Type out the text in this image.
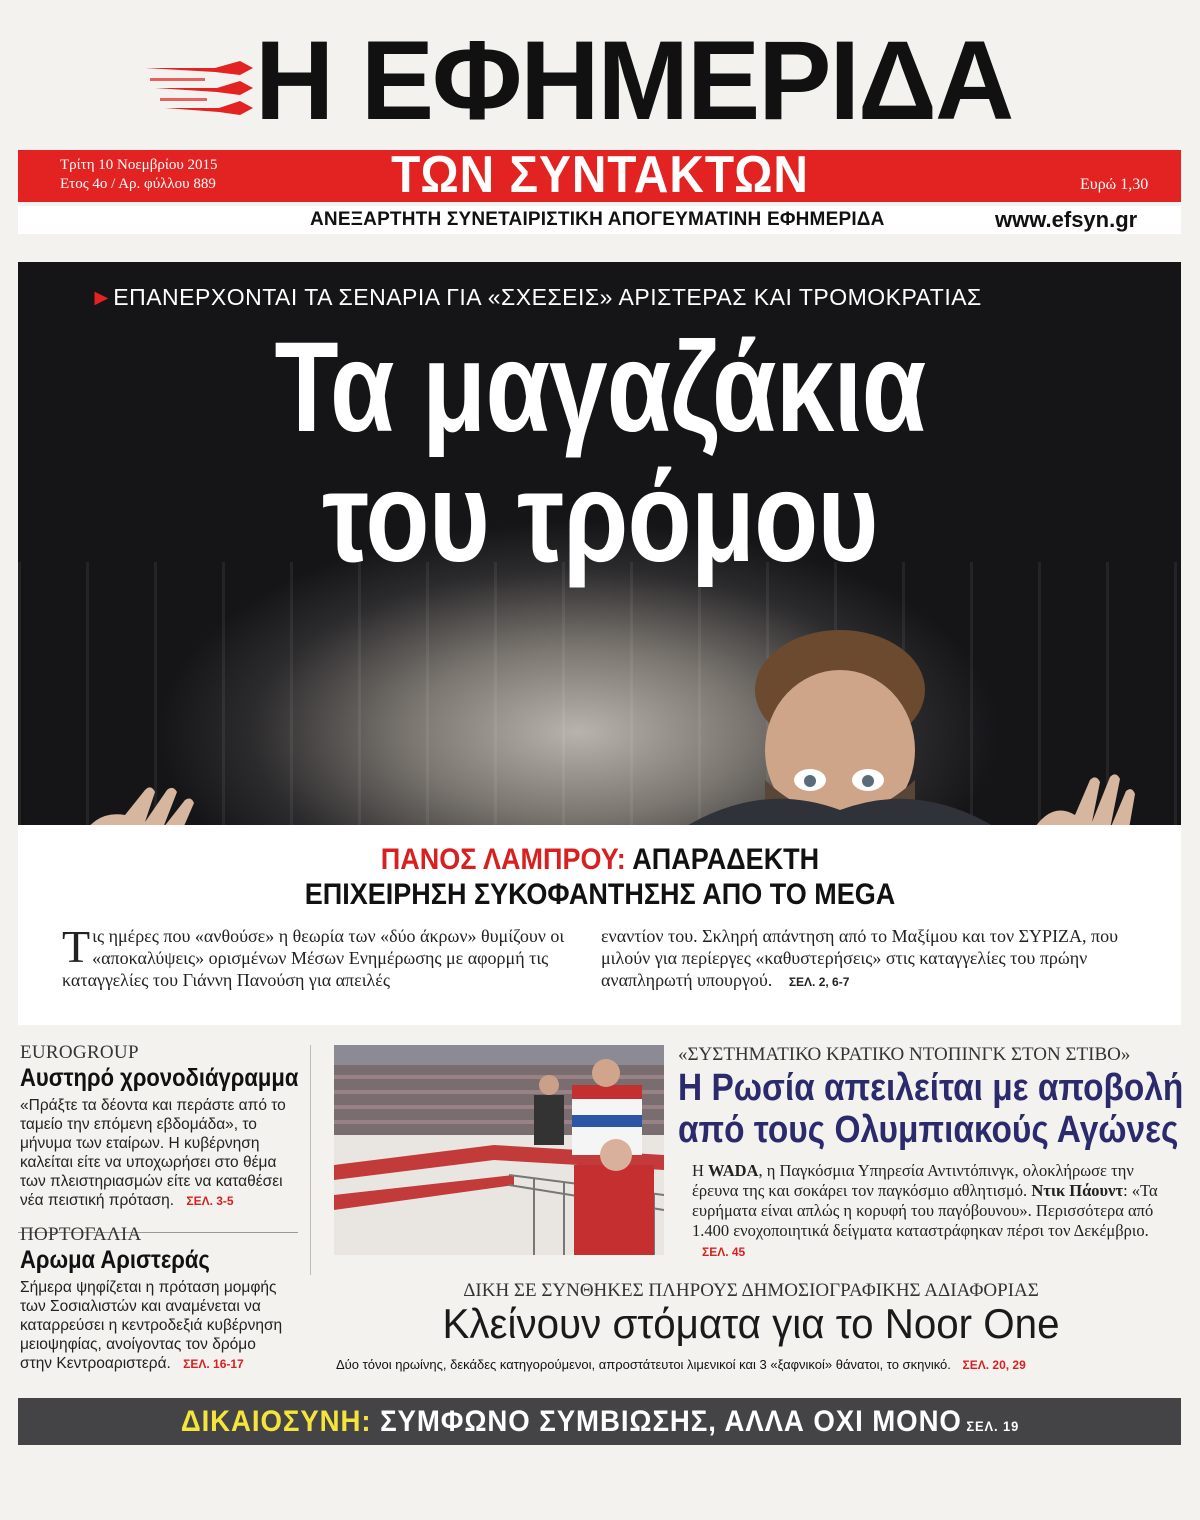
Η ΕΦΗΜΕΡΙΔΑ
Τρίτη 10 Νοεμβρίου 2015
Ετος 4ο / Αρ. φύλλου 889	ΤΩΝ ΣΥΝΤΑΚΤΩΝ	Ευρώ 1,30
ΑΝΕΞΑΡΤΗΤΗ ΣΥΝΕΤΑΙΡΙΣΤΙΚΗ ΑΠΟΓΕΥΜΑΤΙΝΗ ΕΦΗΜΕΡΙΔΑ	www.efsyn.gr
►ΕΠΑΝΕΡΧΟΝΤΑΙ ΤΑ ΣΕΝΑΡΙΑ ΓΙΑ «ΣΧΕΣΕΙΣ» ΑΡΙΣΤΕΡΑΣ ΚΑΙ ΤΡΟΜΟΚΡΑΤΙΑΣ
Τα μαγαζάκια
του τρόμου
ΠΑΝΟΣ ΛΑΜΠΡΟΥ: ΑΠΑΡΑΔΕΚΤΗ
ΕΠΙΧΕΙΡΗΣΗ ΣΥΚΟΦΑΝΤΗΣΗΣ ΑΠΟ ΤΟ MEGA
Τις ημέρες που «ανθούσε» η θεωρία των «δύο άκρων» θυμίζουν οι «αποκαλύψεις» ορισμένων Μέσων Ενημέρωσης με αφορμή τις καταγγελίες του Γιάννη Πανούση για απειλές
εναντίον του. Σκληρή απάντηση από το Μαξίμου και τον ΣΥΡΙΖΑ, που μιλούν για περίεργες «καθυστερήσεις» στις καταγγελίες του πρώην αναπληρωτή υπουργού. ΣΕΛ. 2, 6-7
EUROGROUP
Αυστηρό χρονοδιάγραμμα
«Πράξτε τα δέοντα και περάστε από το ταμείο την επόμενη εβδομάδα», το μήνυμα των εταίρων. Η κυβέρνηση καλείται είτε να υποχωρήσει στο θέμα των πλειστηριασμών είτε να καταθέσει νέα πειστική πρόταση. ΣΕΛ. 3-5
ΠΟΡΤΟΓΑΛΙΑ
Αρωμα Αριστεράς
Σήμερα ψηφίζεται η πρόταση μομφής των Σοσιαλιστών και αναμένεται να καταρρεύσει η κεντροδεξιά κυβέρνηση μειοψηφίας, ανοίγοντας τον δρόμο στην Κεντροαριστερά. ΣΕΛ. 16-17
«ΣΥΣΤΗΜΑΤΙΚΟ ΚΡΑΤΙΚΟ ΝΤΟΠΙΝΓΚ ΣΤΟΝ ΣΤΙΒΟ»
Η Ρωσία απειλείται με αποβολή
από τους Ολυμπιακούς Αγώνες
Η WADA, η Παγκόσμια Υπηρεσία Αντιντόπινγκ, ολοκλήρωσε την έρευνα της και σοκάρει τον παγκόσμιο αθλητισμό. Ντικ Πάουντ: «Τα ευρήματα είναι απλώς η κορυφή του παγόβουνου». Περισσότερα από 1.400 ενοχοποιητικά δείγματα καταστράφηκαν πέρσι τον Δεκέμβριο. ΣΕΛ. 45
ΔΙΚΗ ΣΕ ΣΥΝΘΗΚΕΣ ΠΛΗΡΟΥΣ ΔΗΜΟΣΙΟΓΡΑΦΙΚΗΣ ΑΔΙΑΦΟΡΙΑΣ
Κλείνουν στόματα για το Noor One
Δύο τόνοι ηρωίνης, δεκάδες κατηγορούμενοι, απροστάτευτοι λιμενικοί και 3 «ξαφνικοί» θάνατοι, το σκηνικό. ΣΕΛ. 20, 29
ΔΙΚΑΙΟΣΥΝΗ: ΣΥΜΦΩΝΟ ΣΥΜΒΙΩΣΗΣ, ΑΛΛΑ ΟΧΙ ΜΟΝΟ ΣΕΛ. 19
